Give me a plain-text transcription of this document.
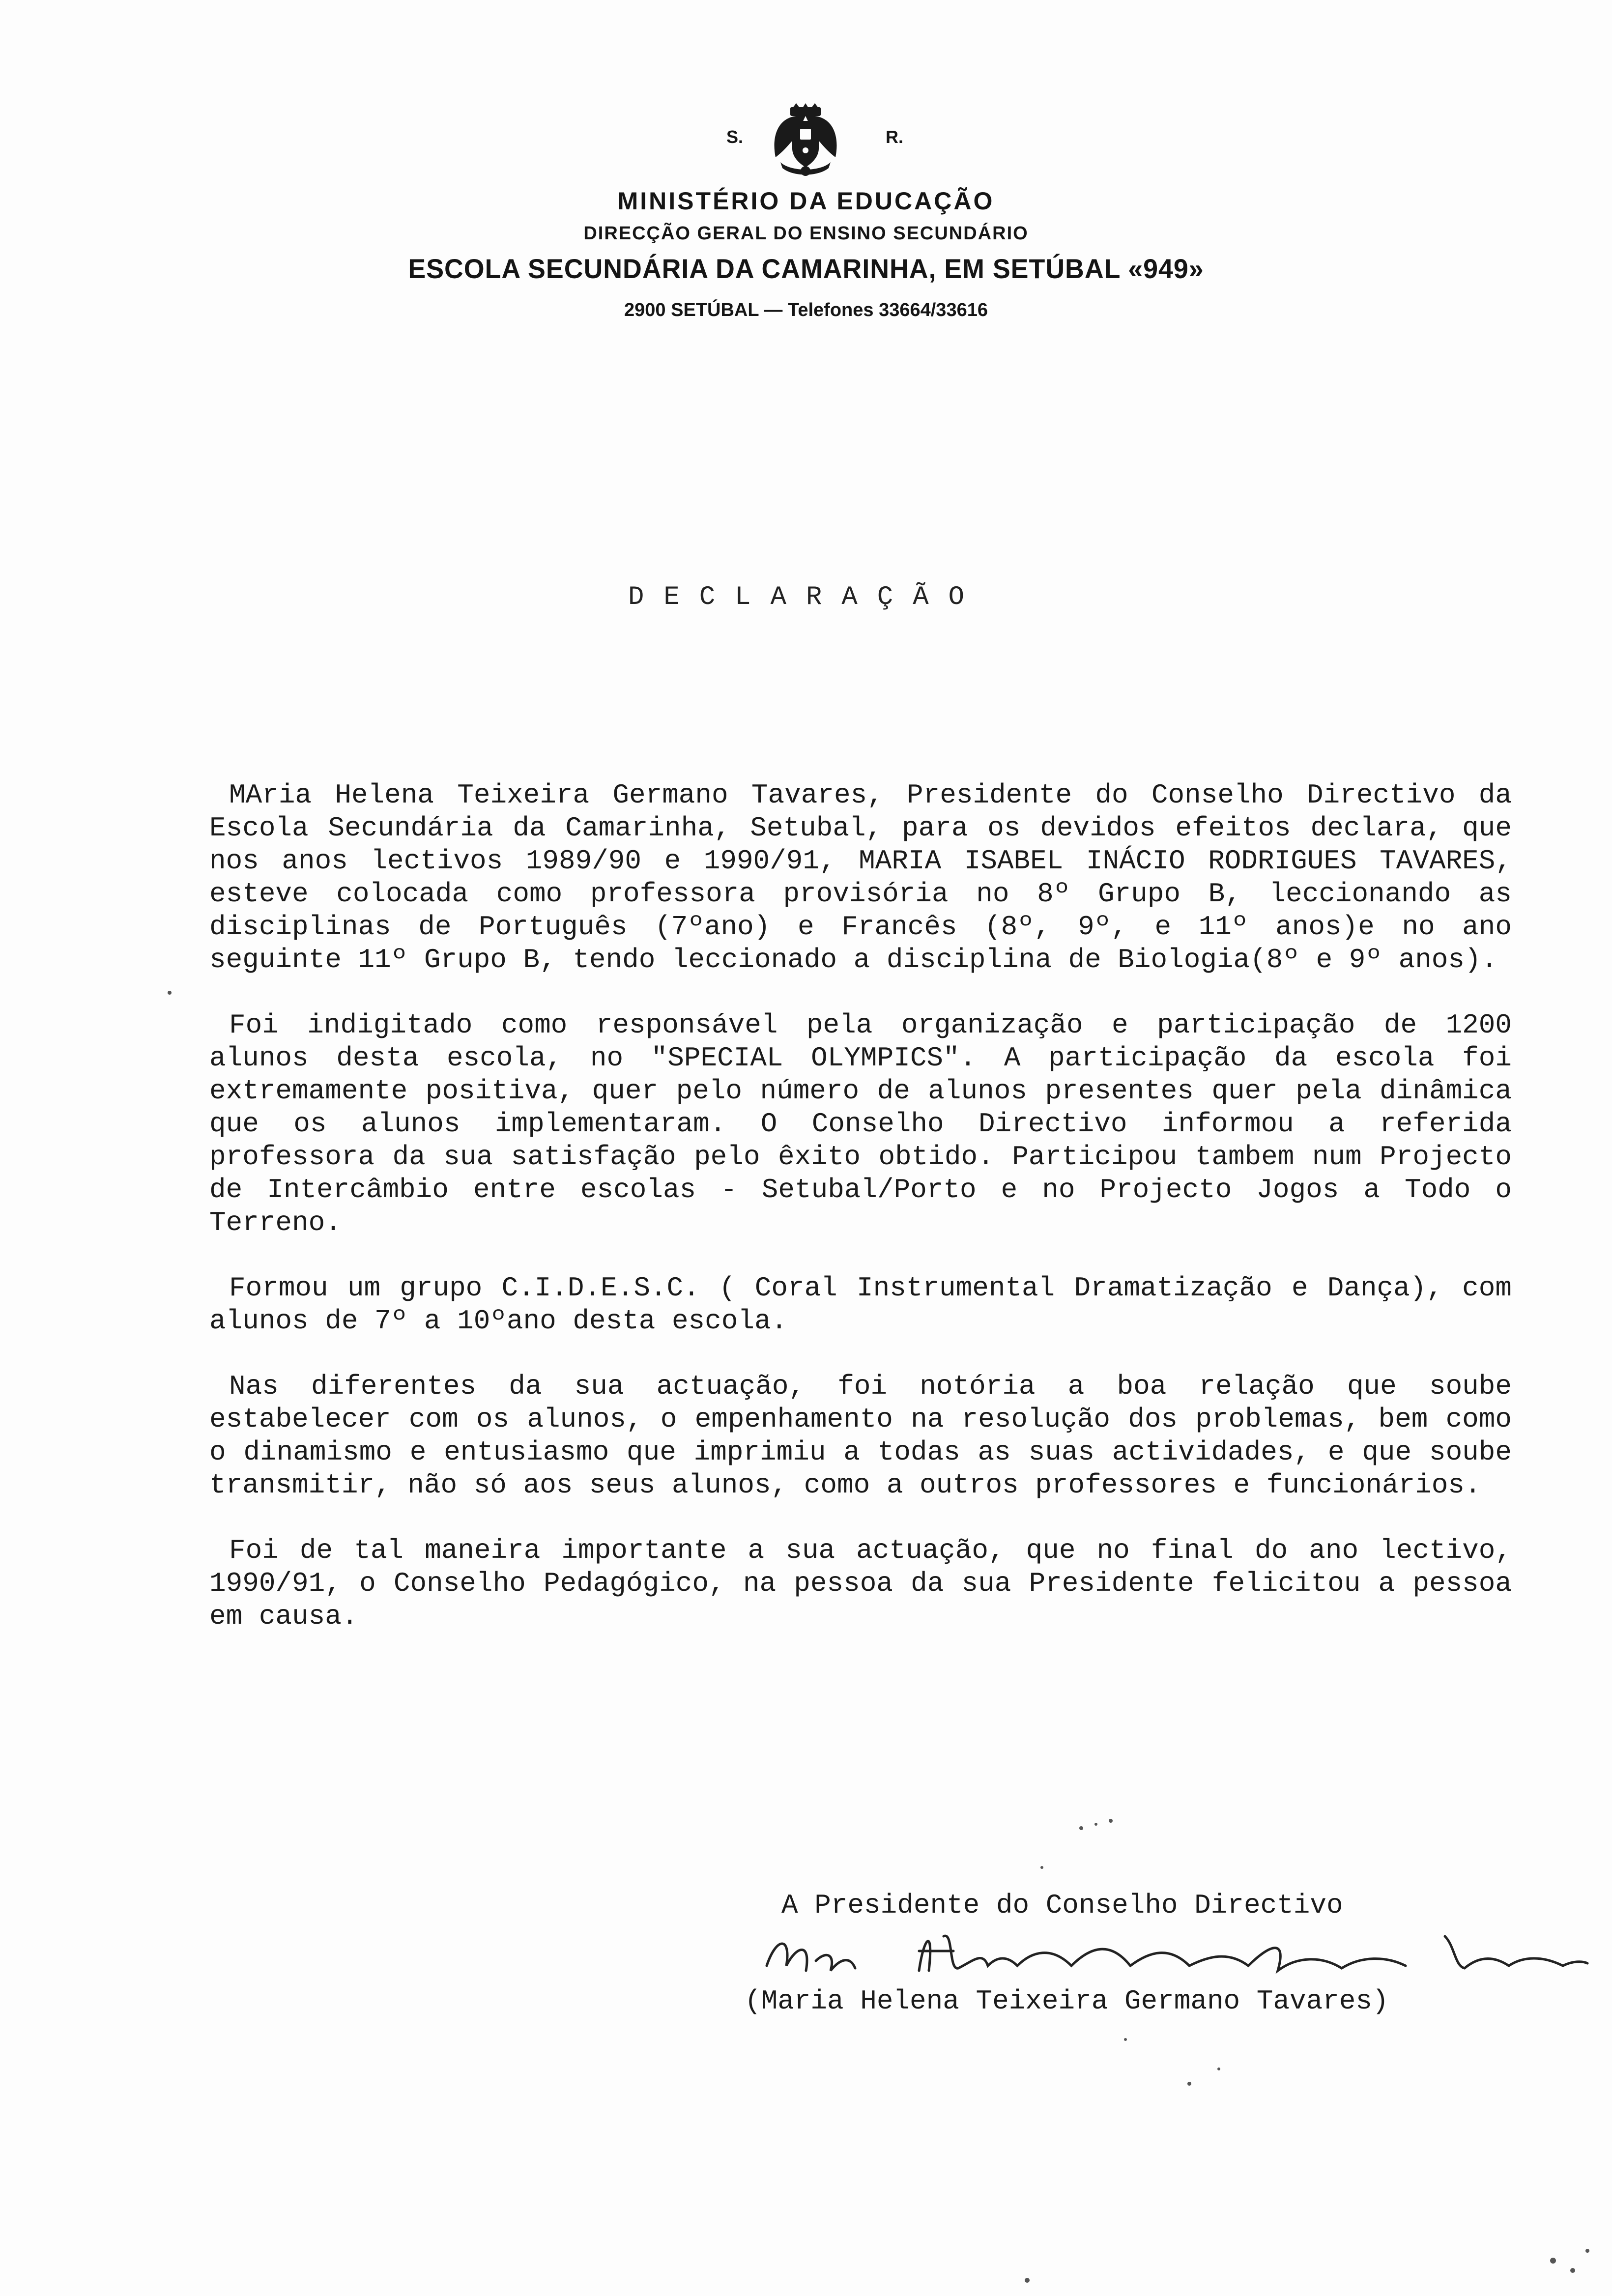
S.	R.
MINISTÉRIO DA EDUCAÇÃO
DIRECÇÃO GERAL DO ENSINO SECUNDÁRIO
ESCOLA SECUNDÁRIA DA CAMARINHA, EM SETÚBAL «949»
2900 SETÚBAL — Telefones 33664/33616
DECLARAÇÃO

MAria Helena Teixeira Germano Tavares, Presidente do Conselho Directivo da Escola Secundária da Camarinha, Setubal, para os devidos efeitos declara, que nos anos lectivos 1989/90 e 1990/91, MARIA ISABEL INÁCIO RODRIGUES TAVARES, esteve colocada como professora provisória no 8º Grupo B, leccionando as disciplinas de Português (7ºano) e Francês (8º, 9º, e 11º anos)e no ano seguinte 11º Grupo B, tendo leccionado a disciplina de Biologia(8º e 9º anos).

Foi indigitado como responsável pela organização e participação de 1200 alunos desta escola, no "SPECIAL OLYMPICS". A participação da escola foi extremamente positiva, quer pelo número de alunos presentes quer pela dinâmica que os alunos implementaram. O Conselho Directivo informou a referida professora da sua satisfação pelo êxito obtido. Participou tambem num Projecto de Intercâmbio entre escolas - Setubal/Porto e no Projecto Jogos a Todo o Terreno.

Formou um grupo C.I.D.E.S.C. ( Coral Instrumental Dramatização e Dança), com alunos de 7º a 10ºano desta escola.

Nas diferentes da sua actuação, foi notória a boa relação que soube estabelecer com os alunos, o empenhamento na resolução dos problemas, bem como o dinamismo e entusiasmo que imprimiu a todas as suas actividades, e que soube transmitir, não só aos seus alunos, como a outros professores e funcionários.

Foi de tal maneira importante a sua actuação, que no final do ano lectivo, 1990/91, o Conselho Pedagógico, na pessoa da sua Presidente felicitou a pessoa em causa.

A Presidente do Conselho Directivo
(Maria Helena Teixeira Germano Tavares)
